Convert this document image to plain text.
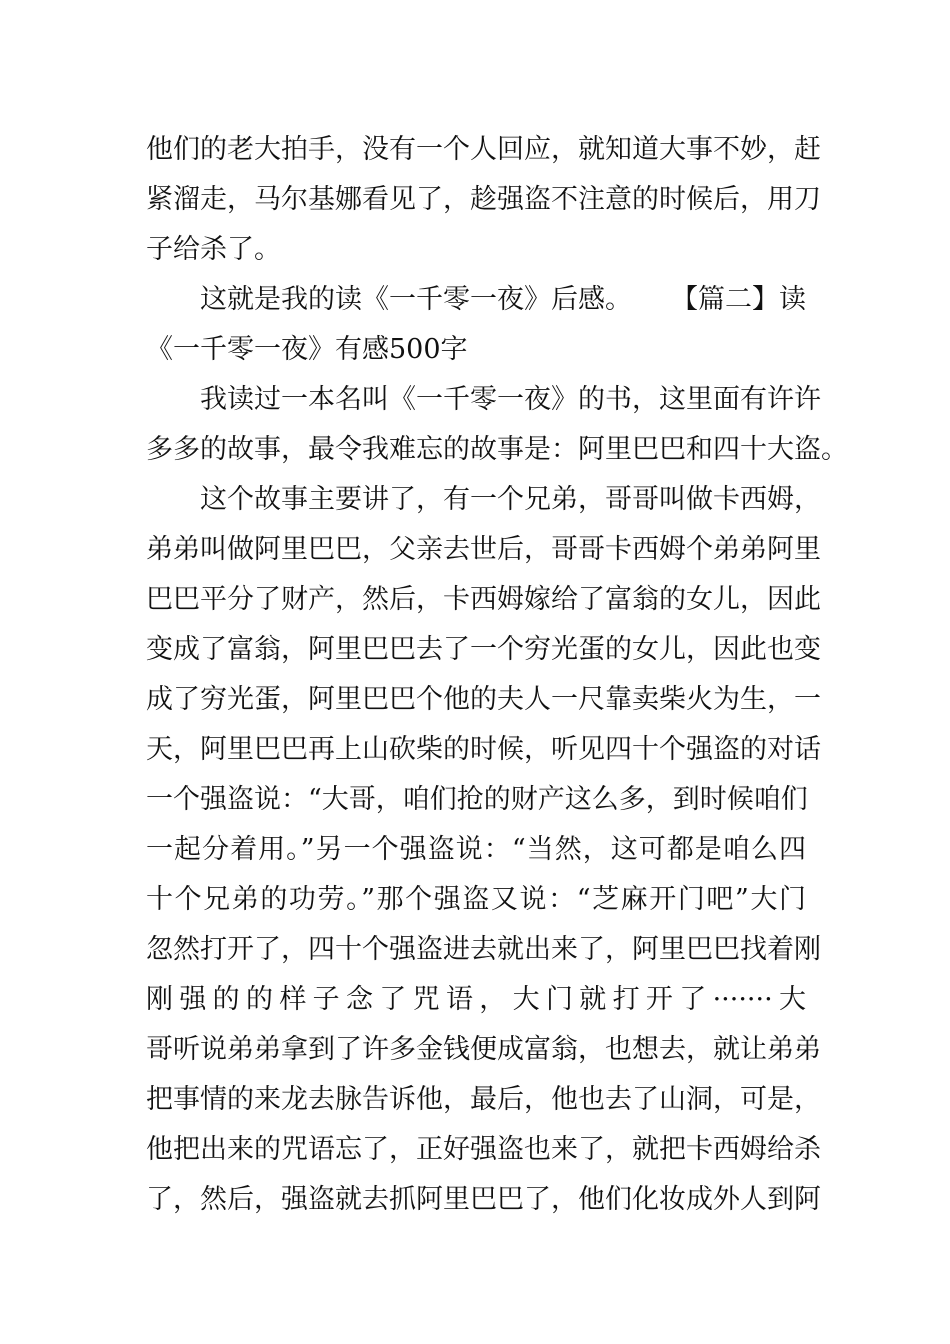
他们的老大拍手，没有一个人回应，就知道大事不妙，赶
紧溜走，马尔基娜看见了，趁强盗不注意的时候后，用刀
子给杀了。
这就是我的读《一千零一夜》后感。 【篇二】读
《一千零一夜》有感500字
我读过一本名叫《一千零一夜》的书，这里面有许许
多多的故事，最令我难忘的故事是：阿里巴巴和四十大盗。
这个故事主要讲了，有一个兄弟，哥哥叫做卡西姆，
弟弟叫做阿里巴巴，父亲去世后，哥哥卡西姆个弟弟阿里
巴巴平分了财产，然后，卡西姆嫁给了富翁的女儿，因此
变成了富翁，阿里巴巴去了一个穷光蛋的女儿，因此也变
成了穷光蛋，阿里巴巴个他的夫人一尺靠卖柴火为生，一
天，阿里巴巴再上山砍柴的时候，听见四十个强盗的对话
一个强盗说：“大哥，咱们抢的财产这么多，到时候咱们
一起分着用。”另一个强盗说：“当然，这可都是咱么四
十个兄弟的功劳。”那个强盗又说：“芝麻开门吧”大门
忽然打开了，四十个强盗进去就出来了，阿里巴巴找着刚
刚强的的样子念了咒语，大门就打开了·······大
哥听说弟弟拿到了许多金钱便成富翁，也想去，就让弟弟
把事情的来龙去脉告诉他，最后，他也去了山洞，可是，
他把出来的咒语忘了，正好强盗也来了，就把卡西姆给杀
了，然后，强盗就去抓阿里巴巴了，他们化妆成外人到阿
